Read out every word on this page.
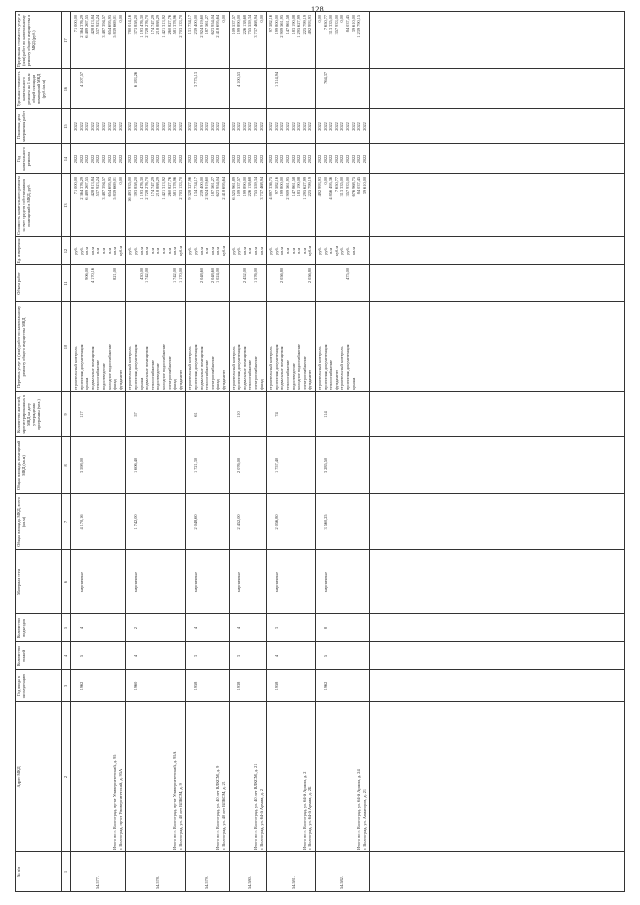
128
№ п/п
Адрес МКД
Год ввода в эксплуатацию
Количество этажей
Количество подъездов
Материал стен
Общая площадь МКД, всего (кв.м)
Общая площадь помещений МКД (кв.м)
Количество жителей, зарегистрированных в МКД на дату утверждения программы (чел.)
Перечень услуг и (или) работ по капитальному ремонту общего имущества МКД
Объем работ
Ед. измерения
Стоимость капитального ремонта за счет средств собственников помещений в МКД, руб.
Год капитального ремонта
Плановая дата завершения работ
Удельная стоимость капитального ремонта на 1 кв.м общей площади помещений МКД (руб./кв.м)
Предельная стоимость услуг и (или) работ по капитальному ремонту общего имущества в МКД (руб.)
1
2
3
4
5
6
7
8
9
10
11
12
13
14
15
16
17
строительный контроль
руб.
71 000,00
2022
2022
71 000,00
проектная документация
руб.
2 364 376,29
2022
2022
2 364 376,29
крыша
906,00
кв.м
6 489 267,55
2022
2022
6 489 267,55
подвальные помещения
4 170,16
кв.м
428 813,84
2022
2022
428 813,84
теплоснабжение
п.м
537 923,24
2022
2022
537 923,24
водоотведение
п.м
3 487 394,57
2022
2022
3 487 394,57
холодное водоснабжение
п.м
654 695,95
2022
2022
654 695,95
фасад
821,00
кв.м
5 839 669,01
2022
2022
5 839 669,01
фундамент
куб.м
0,00
2022
2022
0,00
54.577.
Итого по г. Волгоград, пр-кт Университетский, д. 95 г. Волгоград, пр-кт Университетский, д. 95А
1962
5
4
кирпичные
4 170,16
3 598,00
117
4 107,57
строительный контроль
руб.
16 493 935,00
2022
2022
780 014,16
проектная документация
руб.
393 858,20
2022
2022
373 858,20
крыша
430,00
кв.м
1 193 476,30
2022
2022
1 193 476,30
подвальные помещения
1 742,00
кв.м
2 728 276,70
2022
2022
2 728 276,70
теплоснабжение
п.м
174 747,29
2022
2022
174 747,29
водоотведение
п.м
218 888,29
2022
2022
218 888,29
холодное водоснабжение
п.м
1 421 313,92
2022
2022
1 421 313,92
электроснабжение
п.м
260 827,76
2022
2022
260 827,76
фасад
1 742,00
кв.м
581 378,96
2022
2022
581 378,96
фундамент
1 170,00
куб.м
2 703 133,70
2022
2022
2 703 133,70
54.578.
Итого по г. Волгоград, пр-кт Университетский, д. 95А г. Волгоград, ул. 40 лет ВЛКСМ, д. 9
1960
4
2
кирпичные
1 742,00
1 606,40
57
6 183,26
строительный контроль
руб.
9 328 327,96
2022
2022
131 734,17
проектная документация
руб.
134 734,17
2022
2022
239 400,00
подвальные помещения
2 048,60
кв.м
239 400,00
2022
2022
2 924 919,60
теплоснабжение
п.м
2 924 919,60
2022
2022
187 561,27
электроснабжение
2 048,60
кв.м
187 561,27
2022
2022
623 954,04
фасад
1 024,00
кв.м
623 954,04
2022
2022
2 418 695,64
фундамент
куб.м
2 418 695,64
2022
2022
0,00
54.579.
Итого по г. Волгоград, ул. 40 лет ВЛКСМ, д. 9 г. Волгоград, ул. 40 лет ВЛКСМ, д. 21
1958
3
4
кирпичные
2 048,60
1 721,30
61
3 775,13
строительный контроль
руб.
6 525 961,89
2022
2022
109 537,57
проектная документация
руб.
109 537,57
2022
2022
199 890,00
подвальные помещения
2 452,00
кв.м
199 890,00
2022
2022
226 138,68
теплоснабжение
п.м
226 138,68
2022
2022
755 559,34
электроснабжение
1 576,00
кв.м
755 559,34
2022
2022
3 737 468,94
фасад
кв.м
3 737 468,94
2022
2022
0,00
54.580.
Итого по г. Волгоград, ул. 40 лет ВЛКСМ, д. 21 г. Волгоград, ул. 64-й Армии, д. 2
1938
3
4
кирпичные
2 452,00
2 076,00
110
4 100,53
строительный контроль
руб.
4 897 336,75
2022
2022
97 582,16
проектная документация
руб.
97 582,16
2022
2022
199 800,00
подвальные помещения
2 056,80
кв.м
199 800,00
2022
2022
2 909 561,95
теплоснабжение
п.м
2 909 561,95
2022
2022
147 861,58
водоотведение
п.м
147 861,58
2022
2022
183 190,08
холодное водоснабжение
п.м
183 190,08
2022
2022
1 295 627,99
электроснабжение
п.м
1 295 627,99
2022
2022
225 799,19
фундамент
2 056,80
куб.м
225 799,19
2022
2022
492 993,93
54.581.
Итого по г. Волгоград, ул. 64-й Армии, д. 2 г. Волгоград, ул. 64-й Армии, д. 2Б
1958
4
3
кирпичные
2 056,80
1 757,40
74
1 314,94
строительный контроль
руб.
492 993,93
2022
2022
0,00
проектная документация
руб.
0,00
2022
2022
7 650,77
теплоснабжение
п.м
4 856 495,36
2022
2022
313 335,00
фундамент
куб.м
7 650,77
2022
2022
357 933,00
строительный контроль
руб.
313 335,00
2022
2022
0,00
проектная документация
475,00
руб.
357 933,00
2022
2022
84 037,45
крыша
кв.м
676 968,75
2022
2022
39 610,00
84 037,45
2022
2022
1 239 790,15
39 610,00
2022
2022
54.582.
Итого по г. Волгоград, ул. 64-й Армии, д. 24 г. Волгоград, ул. Авиаторов, д. 21
1962
5
8
кирпичные
3 560,25
3 285,50
114
764,37
